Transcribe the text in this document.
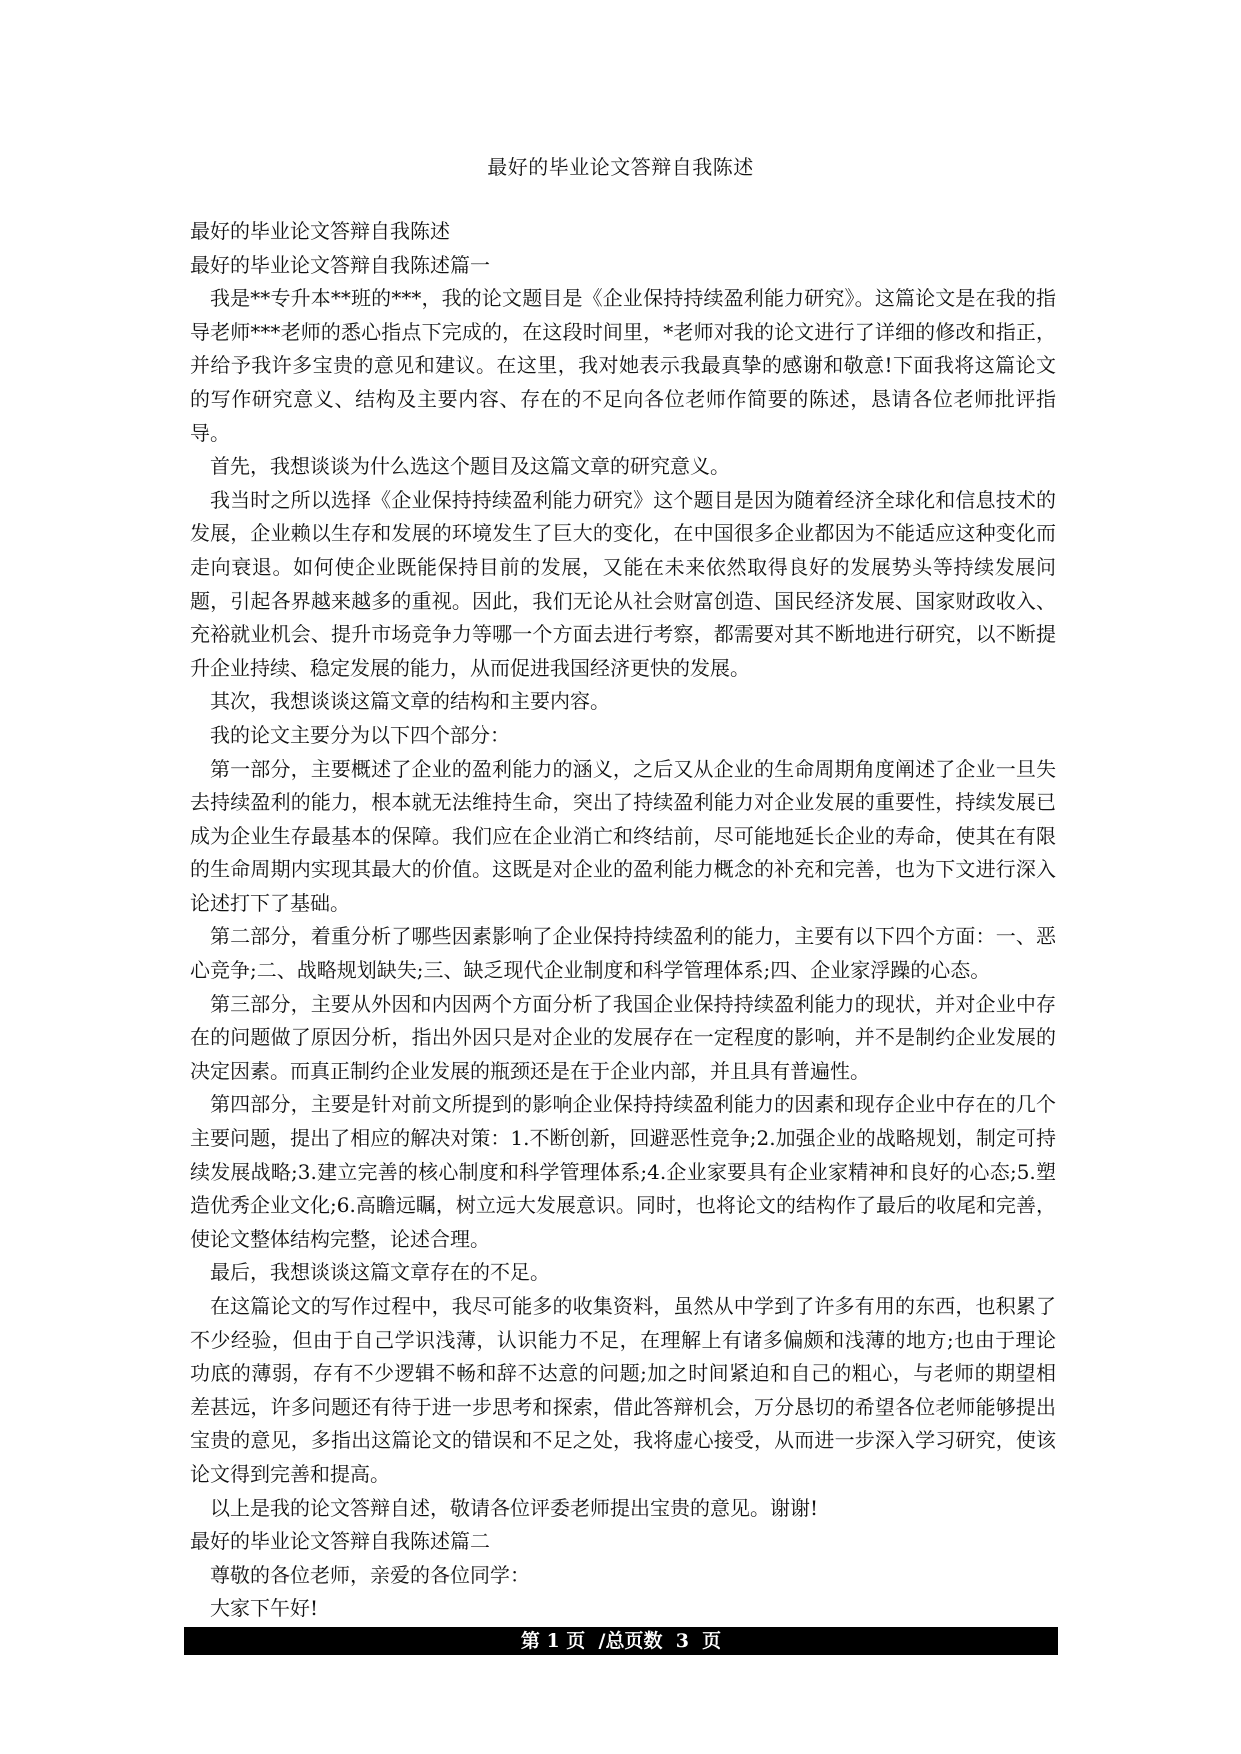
最好的毕业论文答辩自我陈述

最好的毕业论文答辩自我陈述

最好的毕业论文答辩自我陈述篇一

我是**专升本**班的***，我的论文题目是《企业保持持续盈利能力研究》。这篇论文是在我的指导老师***老师的悉心指点下完成的，在这段时间里，*老师对我的论文进行了详细的修改和指正，并给予我许多宝贵的意见和建议。在这里，我对她表示我最真挚的感谢和敬意!下面我将这篇论文的写作研究意义、结构及主要内容、存在的不足向各位老师作简要的陈述，恳请各位老师批评指导。

首先，我想谈谈为什么选这个题目及这篇文章的研究意义。

我当时之所以选择《企业保持持续盈利能力研究》这个题目是因为随着经济全球化和信息技术的发展，企业赖以生存和发展的环境发生了巨大的变化，在中国很多企业都因为不能适应这种变化而走向衰退。如何使企业既能保持目前的发展，又能在未来依然取得良好的发展势头等持续发展问题，引起各界越来越多的重视。因此，我们无论从社会财富创造、国民经济发展、国家财政收入、充裕就业机会、提升市场竞争力等哪一个方面去进行考察，都需要对其不断地进行研究，以不断提升企业持续、稳定发展的能力，从而促进我国经济更快的发展。

其次，我想谈谈这篇文章的结构和主要内容。

我的论文主要分为以下四个部分：

第一部分，主要概述了企业的盈利能力的涵义，之后又从企业的生命周期角度阐述了企业一旦失去持续盈利的能力，根本就无法维持生命，突出了持续盈利能力对企业发展的重要性，持续发展已成为企业生存最基本的保障。我们应在企业消亡和终结前，尽可能地延长企业的寿命，使其在有限的生命周期内实现其最大的价值。这既是对企业的盈利能力概念的补充和完善，也为下文进行深入论述打下了基础。

第二部分，着重分析了哪些因素影响了企业保持持续盈利的能力，主要有以下四个方面：一、恶心竞争;二、战略规划缺失;三、缺乏现代企业制度和科学管理体系;四、企业家浮躁的心态。

第三部分，主要从外因和内因两个方面分析了我国企业保持持续盈利能力的现状，并对企业中存在的问题做了原因分析，指出外因只是对企业的发展存在一定程度的影响，并不是制约企业发展的决定因素。而真正制约企业发展的瓶颈还是在于企业内部，并且具有普遍性。

第四部分，主要是针对前文所提到的影响企业保持持续盈利能力的因素和现存企业中存在的几个主要问题，提出了相应的解决对策：1.不断创新，回避恶性竞争;2.加强企业的战略规划，制定可持续发展战略;3.建立完善的核心制度和科学管理体系;4.企业家要具有企业家精神和良好的心态;5.塑造优秀企业文化;6.高瞻远瞩，树立远大发展意识。同时，也将论文的结构作了最后的收尾和完善，使论文整体结构完整，论述合理。

最后，我想谈谈这篇文章存在的不足。

在这篇论文的写作过程中，我尽可能多的收集资料，虽然从中学到了许多有用的东西，也积累了不少经验，但由于自己学识浅薄，认识能力不足，在理解上有诸多偏颇和浅薄的地方;也由于理论功底的薄弱，存有不少逻辑不畅和辞不达意的问题;加之时间紧迫和自己的粗心，与老师的期望相差甚远，许多问题还有待于进一步思考和探索，借此答辩机会，万分恳切的希望各位老师能够提出宝贵的意见，多指出这篇论文的错误和不足之处，我将虚心接受，从而进一步深入学习研究，使该论文得到完善和提高。

以上是我的论文答辩自述，敬请各位评委老师提出宝贵的意见。谢谢!

最好的毕业论文答辩自我陈述篇二

尊敬的各位老师，亲爱的各位同学：

大家下午好!

第 1 页  /总页数  3  页
